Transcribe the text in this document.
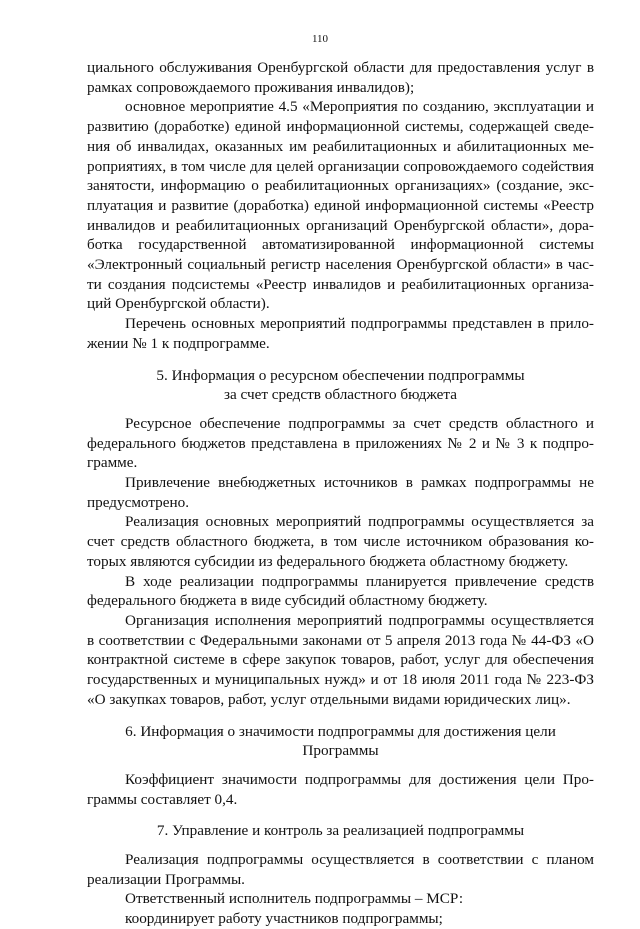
110
циального обслуживания Оренбургской области для предоставления услуг в
рамках сопровождаемого проживания инвалидов);
основное мероприятие 4.5 «Мероприятия по созданию, эксплуатации и
развитию (доработке) единой информационной системы, содержащей сведе-
ния об инвалидах, оказанных им реабилитационных и абилитационных ме-
роприятиях, в том числе для целей организации сопровождаемого содействия
занятости, информацию о реабилитационных организациях» (создание, экс-
плуатация и развитие (доработка) единой информационной системы «Реестр
инвалидов и реабилитационных организаций Оренбургской области», дора-
ботка государственной автоматизированной информационной системы
«Электронный социальный регистр населения Оренбургской области» в час-
ти создания подсистемы «Реестр инвалидов и реабилитационных организа-
ций Оренбургской области).
Перечень основных мероприятий подпрограммы представлен в прило-
жении № 1 к подпрограмме.
5. Информация о ресурсном обеспечении подпрограммы
за счет средств областного бюджета
Ресурсное обеспечение подпрограммы за счет средств областного и
федерального бюджетов представлена в приложениях № 2 и № 3 к подпро-
грамме.
Привлечение внебюджетных источников в рамках подпрограммы не
предусмотрено.
Реализация основных мероприятий подпрограммы осуществляется за
счет средств областного бюджета, в том числе источником образования ко-
торых являются субсидии из федерального бюджета областному бюджету.
В ходе реализации подпрограммы планируется привлечение средств
федерального бюджета в виде субсидий областному бюджету.
Организация исполнения мероприятий подпрограммы осуществляется
в соответствии с Федеральными законами от 5 апреля 2013 года № 44-ФЗ «О
контрактной системе в сфере закупок товаров, работ, услуг для обеспечения
государственных и муниципальных нужд» и от 18 июля 2011 года № 223-ФЗ
«О закупках товаров, работ, услуг отдельными видами юридических лиц».
6. Информация о значимости подпрограммы для достижения цели
Программы
Коэффициент значимости подпрограммы для достижения цели Про-
граммы составляет 0,4.
7. Управление и контроль за реализацией подпрограммы
Реализация подпрограммы осуществляется в соответствии с планом
реализации Программы.
Ответственный исполнитель подпрограммы – МСР:
координирует работу участников подпрограммы;
